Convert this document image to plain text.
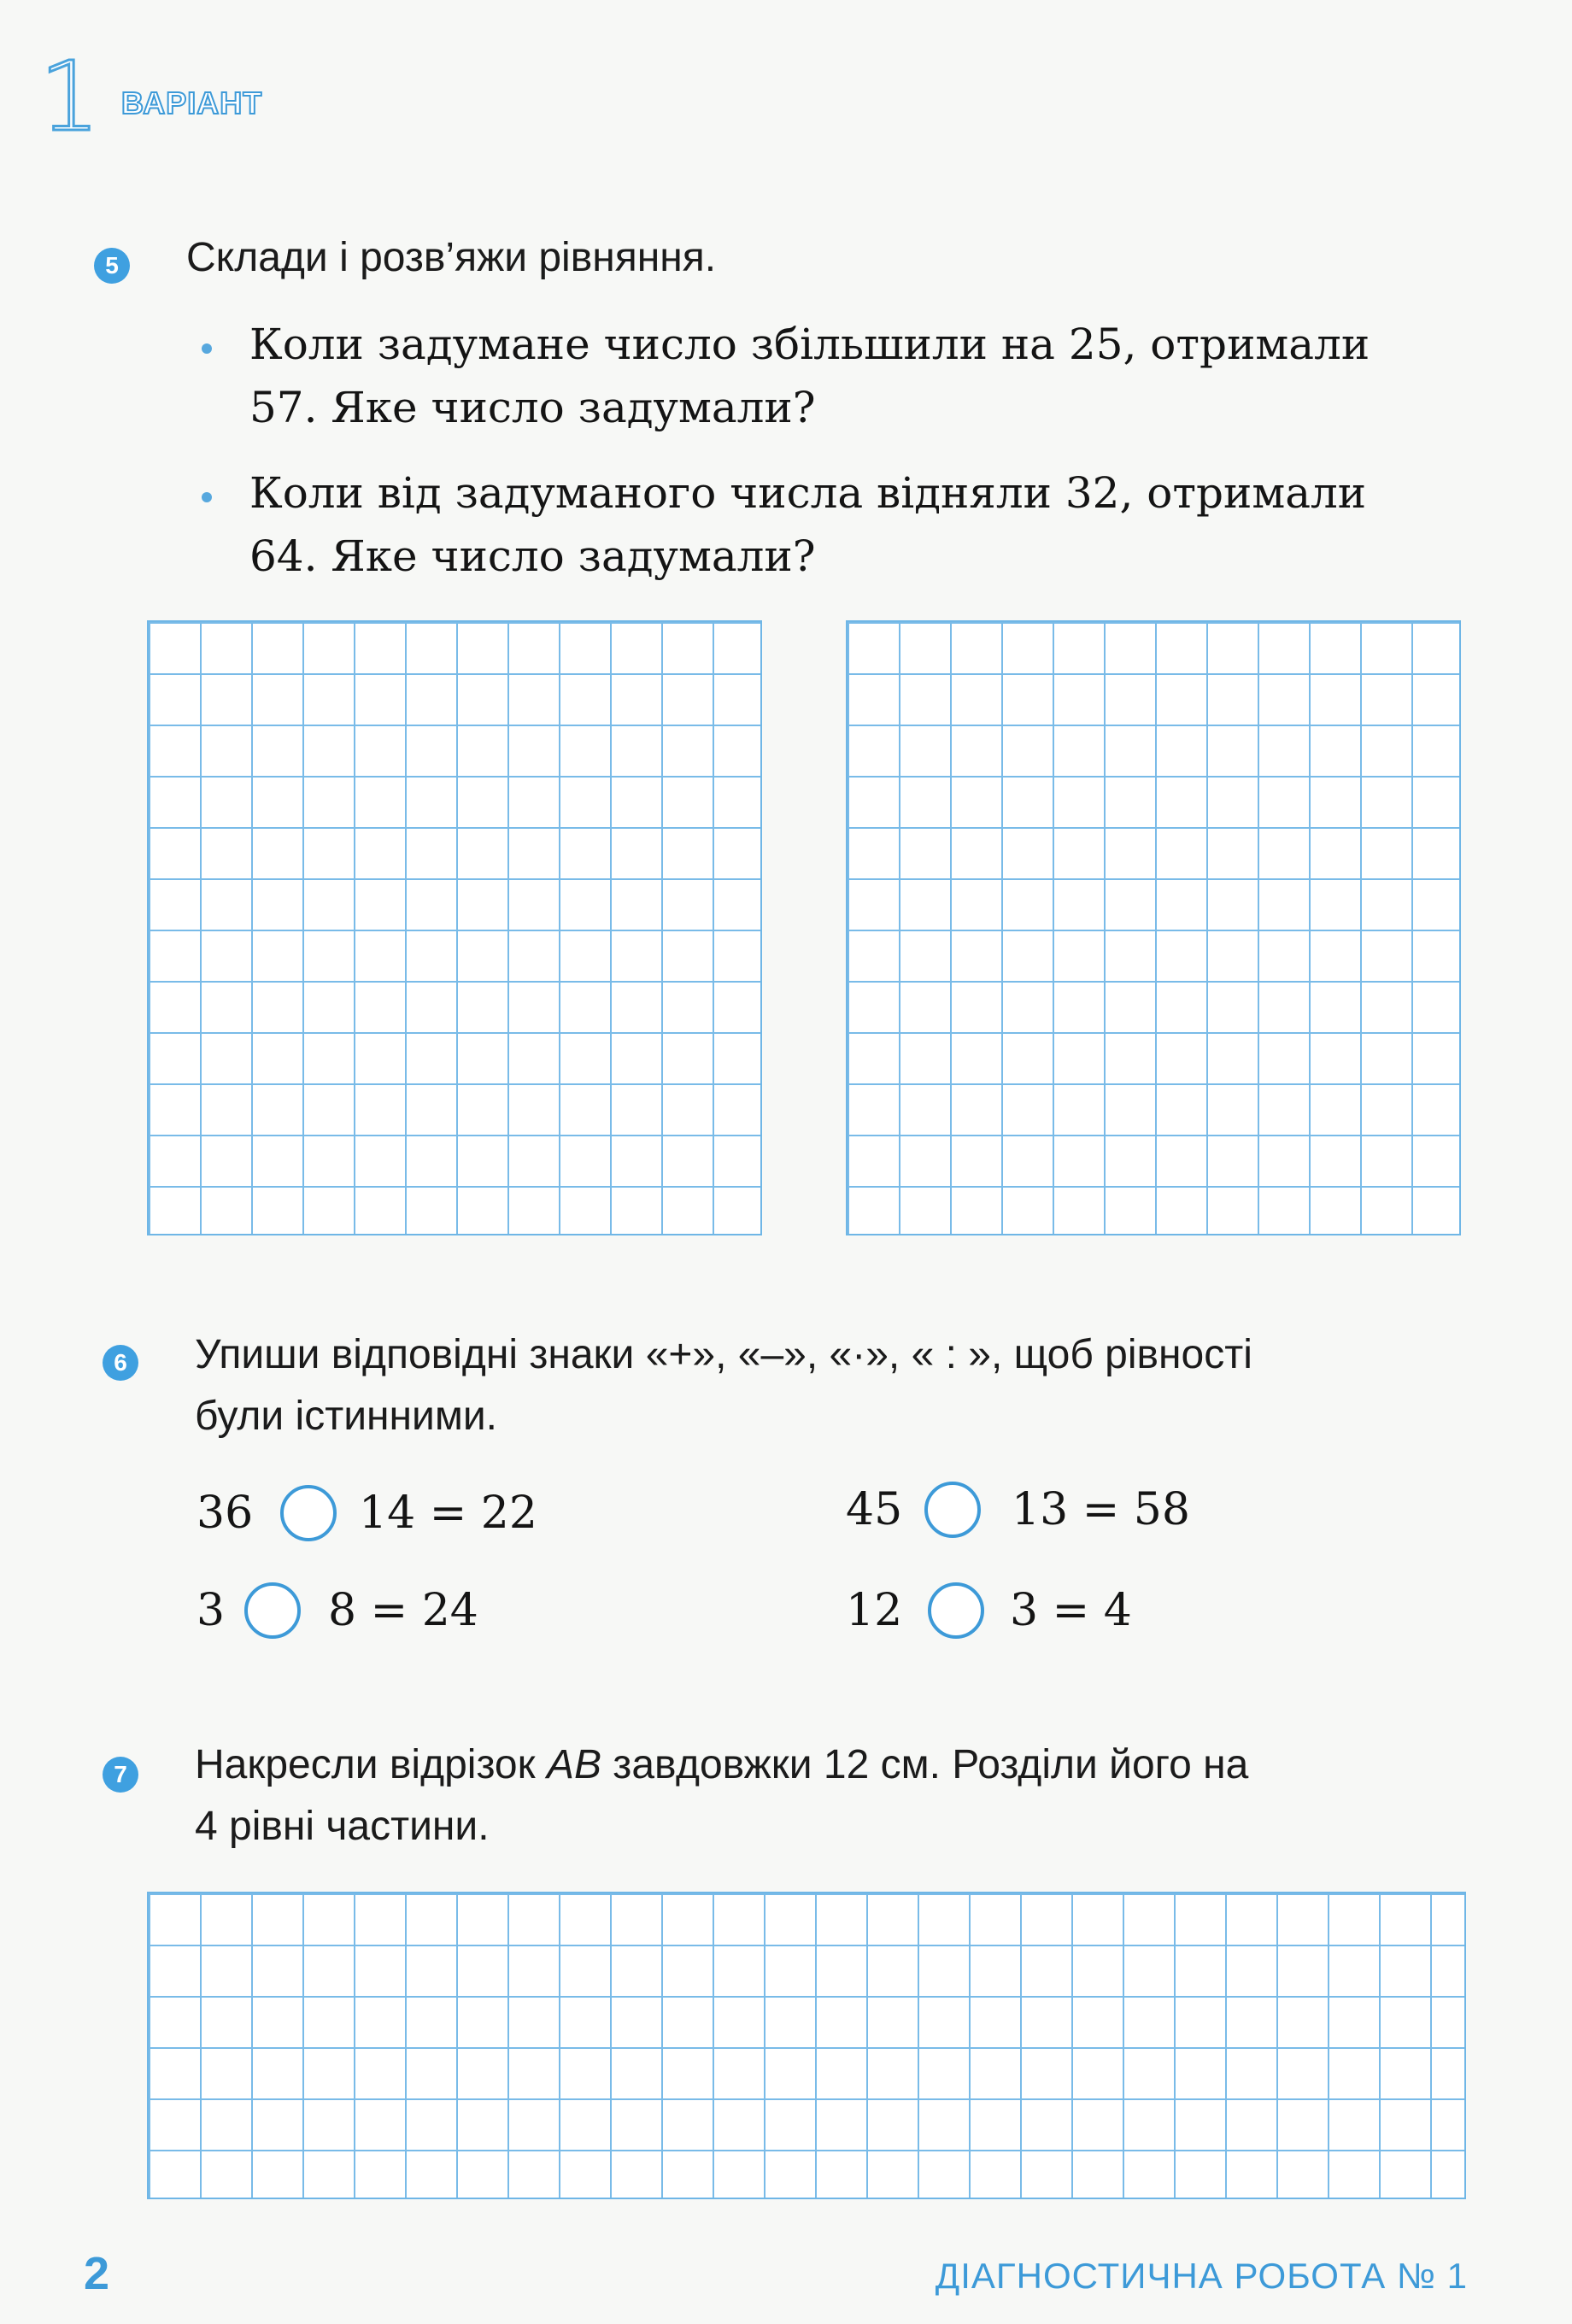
1 ВАРІАНТ
5 Склади і розв’яжи рівняння.
Коли задумане число збільшили на 25, отримали
57. Яке число задумали?
Коли від задуманого числа відняли 32, отримали
64. Яке число задумали?
6 Упиши відповідні знаки «+», «–», «·», « : », щоб рівності
були істинними.
36 14 = 22	45 13 = 58
3 8 = 24	12 3 = 4
7 Накресли відрізок AB завдовжки 12 см. Розділи його на
4 рівні частини.
2	ДІАГНОСТИЧНА РОБОТА № 1
